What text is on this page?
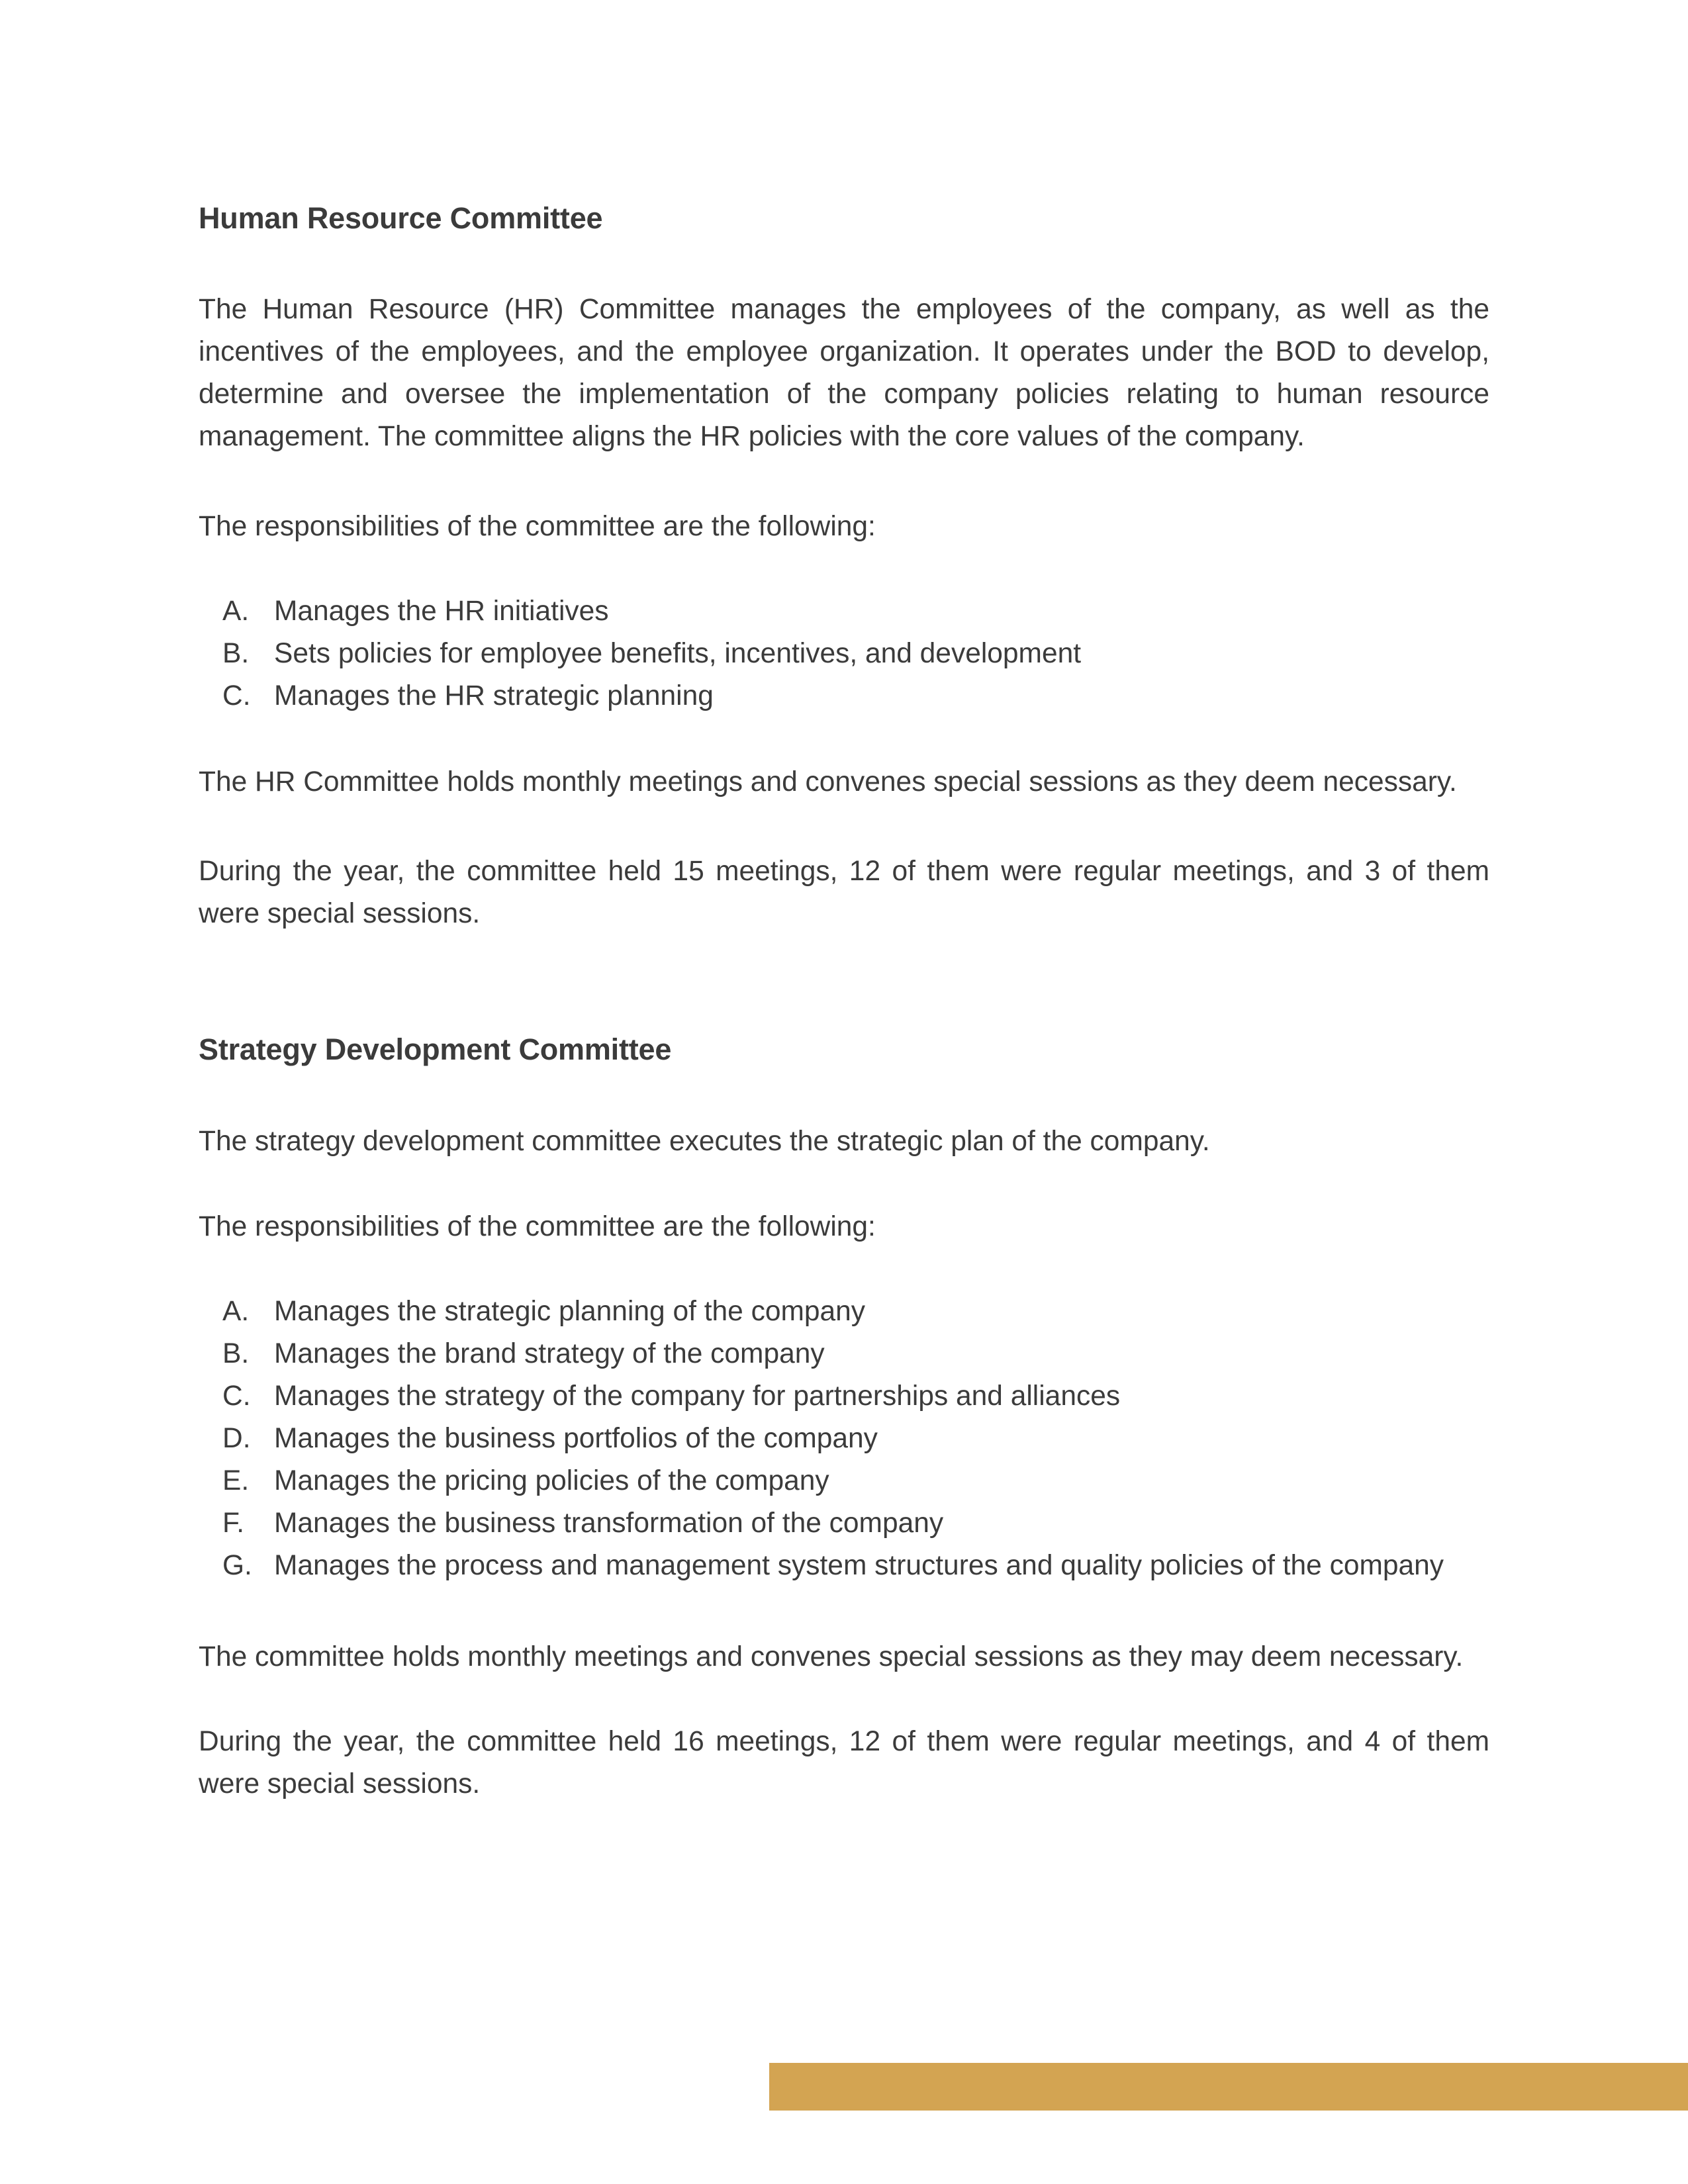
Human Resource Committee

The Human Resource (HR) Committee manages the employees of the company, as well as the incentives of the employees, and the employee organization. It operates under the BOD to develop, determine and oversee the implementation of the company policies relating to human resource management. The committee aligns the HR policies with the core values of the company.

The responsibilities of the committee are the following:

A. Manages the HR initiatives
B. Sets policies for employee benefits, incentives, and development
C. Manages the HR strategic planning

The HR Committee holds monthly meetings and convenes special sessions as they deem necessary.

During the year, the committee held 15 meetings, 12 of them were regular meetings, and 3 of them were special sessions.

Strategy Development Committee

The strategy development committee executes the strategic plan of the company.

The responsibilities of the committee are the following:

A. Manages the strategic planning of the company
B. Manages the brand strategy of the company
C. Manages the strategy of the company for partnerships and alliances
D. Manages the business portfolios of the company
E. Manages the pricing policies of the company
F. Manages the business transformation of the company
G. Manages the process and management system structures and quality policies of the company

The committee holds monthly meetings and convenes special sessions as they may deem necessary.

During the year, the committee held 16 meetings, 12 of them were regular meetings, and 4 of them were special sessions.
